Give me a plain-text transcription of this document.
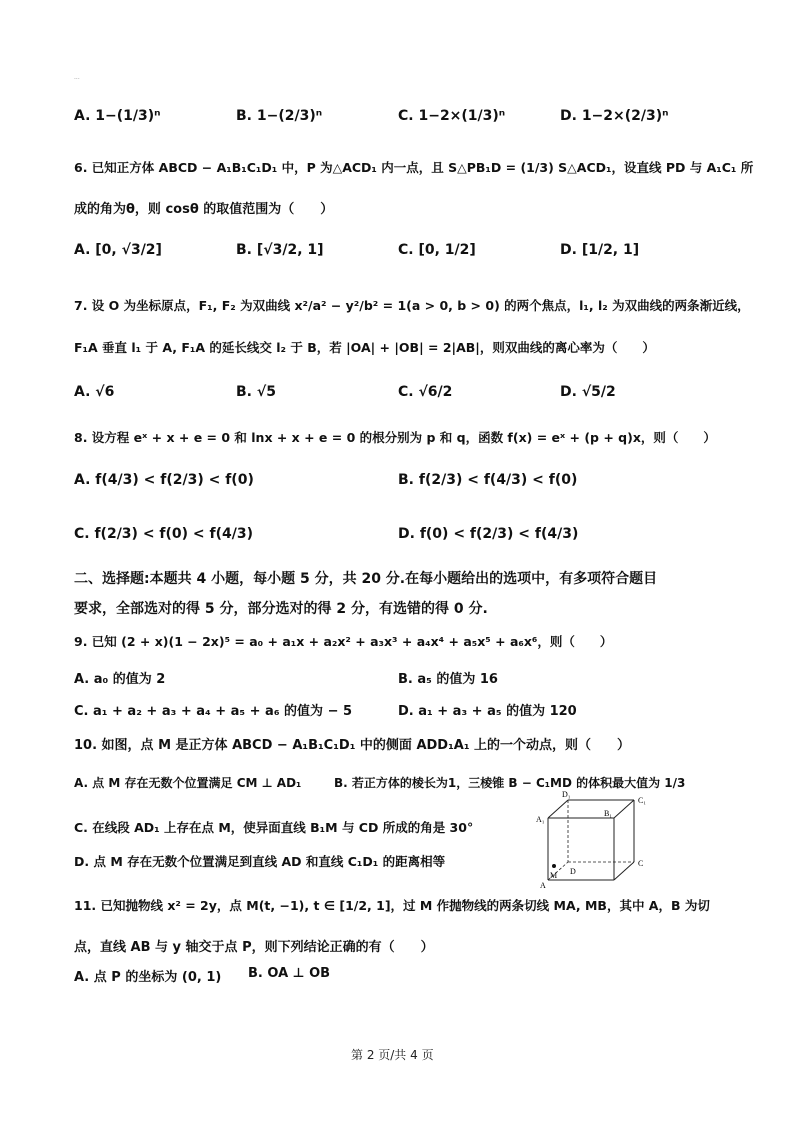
...
A. 1−(1/3)ⁿ	B. 1−(2/3)ⁿ	C. 1−2×(1/3)ⁿ	D. 1−2×(2/3)ⁿ
6. 已知正方体 ABCD − A₁B₁C₁D₁ 中，P 为△ACD₁ 内一点，且 S△PB₁D = (1/3) S△ACD₁，设直线 PD 与 A₁C₁ 所
成的角为θ，则 cosθ 的取值范围为（　　）
A. [0, √3/2]	B. [√3/2, 1]	C. [0, 1/2]	D. [1/2, 1]
7. 设 O 为坐标原点，F₁, F₂ 为双曲线 x²/a² − y²/b² = 1(a > 0, b > 0) 的两个焦点，l₁, l₂ 为双曲线的两条渐近线，
F₁A 垂直 l₁ 于 A, F₁A 的延长线交 l₂ 于 B，若 |OA| + |OB| = 2|AB|，则双曲线的离心率为（　　）
A. √6	B. √5	C. √6/2	D. √5/2
8. 设方程 eˣ + x + e = 0 和 lnx + x + e = 0 的根分别为 p 和 q，函数 f(x) = eˣ + (p + q)x，则（　　）
A. f(4/3) < f(2/3) < f(0)	B. f(2/3) < f(4/3) < f(0)
C. f(2/3) < f(0) < f(4/3)	D. f(0) < f(2/3) < f(4/3)
二、选择题:本题共 4 小题，每小题 5 分，共 20 分.在每小题给出的选项中，有多项符合题目
要求，全部选对的得 5 分，部分选对的得 2 分，有选错的得 0 分.
9. 已知 (2 + x)(1 − 2x)⁵ = a₀ + a₁x + a₂x² + a₃x³ + a₄x⁴ + a₅x⁵ + a₆x⁶，则（　　）
A. a₀ 的值为 2	B. a₅ 的值为 16
C. a₁ + a₂ + a₃ + a₄ + a₅ + a₆ 的值为 − 5	D. a₁ + a₃ + a₅ 的值为 120
10. 如图，点 M 是正方体 ABCD − A₁B₁C₁D₁ 中的侧面 ADD₁A₁ 上的一个动点，则（　　）
A. 点 M 存在无数个位置满足 CM ⊥ AD₁	B. 若正方体的棱长为1，三棱锥 B − C₁MD 的体积最大值为 1/3
C. 在线段 AD₁ 上存在点 M，使异面直线 B₁M 与 CD 所成的角是 30°
D. 点 M 存在无数个位置满足到直线 AD 和直线 C₁D₁ 的距离相等
D₁
C₁
A₁
B₁
M
A
D
C
11. 已知抛物线 x² = 2y，点 M(t, −1), t ∈ [1/2, 1]，过 M 作抛物线的两条切线 MA, MB，其中 A，B 为切
点，直线 AB 与 y 轴交于点 P，则下列结论正确的有（　　）
A. 点 P 的坐标为 (0, 1) B. OA ⊥ OB
第 2 页/共 4 页
